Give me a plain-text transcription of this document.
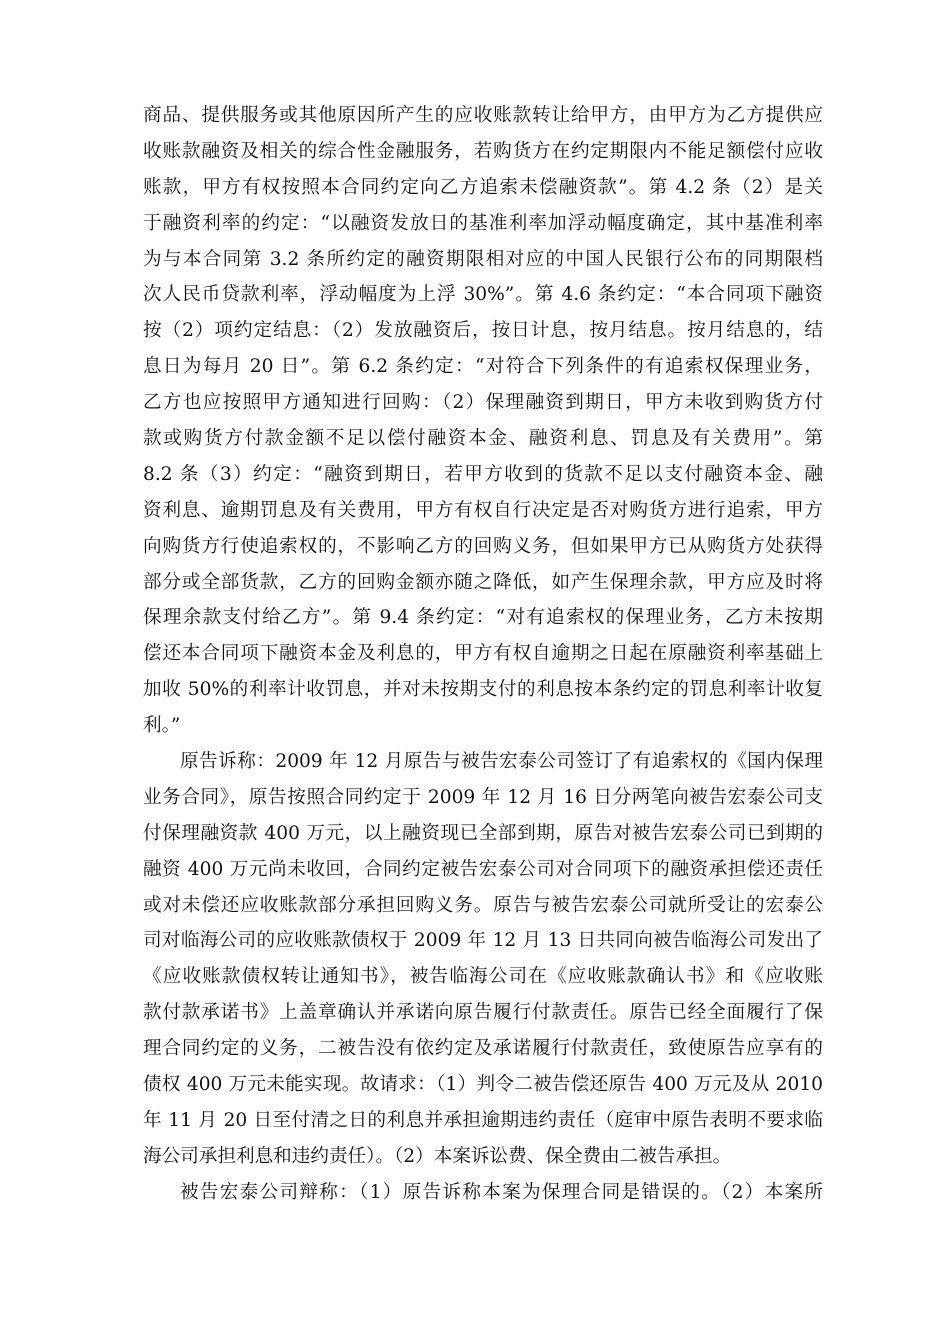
商品、提供服务或其他原因所产生的应收账款转让给甲方，由甲方为乙方提供应
收账款融资及相关的综合性金融服务，若购货方在约定期限内不能足额偿付应收
账款，甲方有权按照本合同约定向乙方追索未偿融资款”。第 4.2 条（2）是关
于融资利率的约定：“以融资发放日的基准利率加浮动幅度确定，其中基准利率
为与本合同第 3.2 条所约定的融资期限相对应的中国人民银行公布的同期限档
次人民币贷款利率，浮动幅度为上浮 30%”。第 4.6 条约定：“本合同项下融资
按（2）项约定结息：（2）发放融资后，按日计息，按月结息。按月结息的，结
息日为每月 20 日”。第 6.2 条约定：“对符合下列条件的有追索权保理业务，
乙方也应按照甲方通知进行回购：（2）保理融资到期日，甲方未收到购货方付
款或购货方付款金额不足以偿付融资本金、融资利息、罚息及有关费用”。第
8.2 条（3）约定：“融资到期日，若甲方收到的货款不足以支付融资本金、融
资利息、逾期罚息及有关费用，甲方有权自行决定是否对购货方进行追索，甲方
向购货方行使追索权的，不影响乙方的回购义务，但如果甲方已从购货方处获得
部分或全部货款，乙方的回购金额亦随之降低，如产生保理余款，甲方应及时将
保理余款支付给乙方”。第 9.4 条约定：“对有追索权的保理业务，乙方未按期
偿还本合同项下融资本金及利息的，甲方有权自逾期之日起在原融资利率基础上
加收 50%的利率计收罚息，并对未按期支付的利息按本条约定的罚息利率计收复
利。”
原告诉称：2009 年 12 月原告与被告宏泰公司签订了有追索权的《国内保理
业务合同》，原告按照合同约定于 2009 年 12 月 16 日分两笔向被告宏泰公司支
付保理融资款 400 万元，以上融资现已全部到期，原告对被告宏泰公司已到期的
融资 400 万元尚未收回，合同约定被告宏泰公司对合同项下的融资承担偿还责任
或对未偿还应收账款部分承担回购义务。原告与被告宏泰公司就所受让的宏泰公
司对临海公司的应收账款债权于 2009 年 12 月 13 日共同向被告临海公司发出了
《应收账款债权转让通知书》，被告临海公司在《应收账款确认书》和《应收账
款付款承诺书》上盖章确认并承诺向原告履行付款责任。原告已经全面履行了保
理合同约定的义务，二被告没有依约定及承诺履行付款责任，致使原告应享有的
债权 400 万元未能实现。故请求：（1）判令二被告偿还原告 400 万元及从 2010
年 11 月 20 日至付清之日的利息并承担逾期违约责任（庭审中原告表明不要求临
海公司承担利息和违约责任）。（2）本案诉讼费、保全费由二被告承担。
被告宏泰公司辩称：（1）原告诉称本案为保理合同是错误的。（2）本案所
